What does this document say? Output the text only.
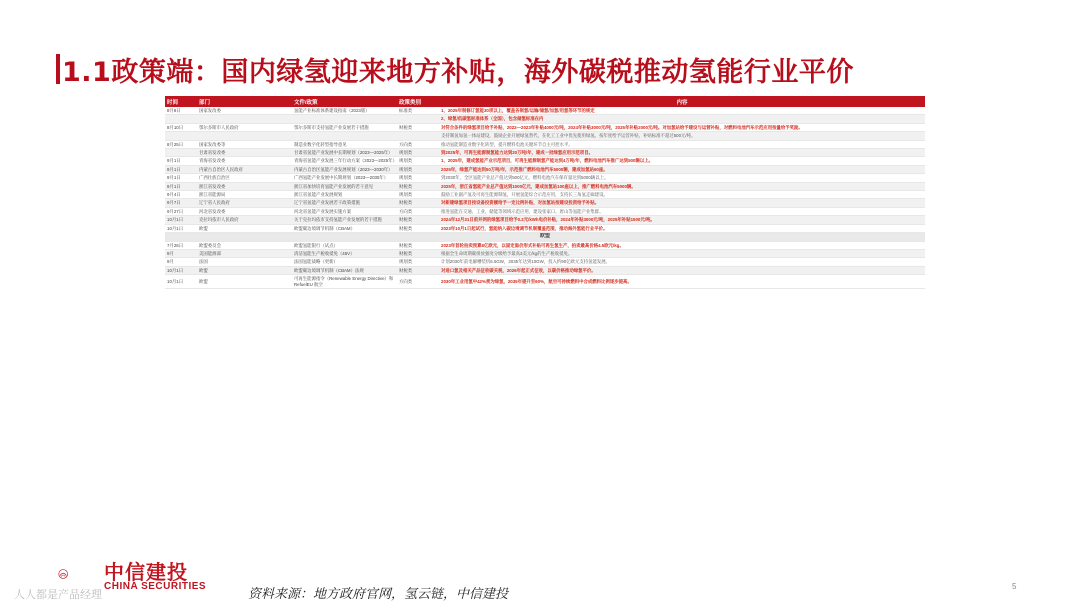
1.1政策端：国内绿氢迎来地方补贴，海外碳税推动氢能行业平价
时间	部门	文件/政策	政策类别	内容
8月8日	国家发改委	氢能产业标准体系建设指南（2023版）	标准类	1、2025年制修订氢能30项以上，覆盖各制氢/运输/储氢/加氢/用氢等环节的规定
				2、绿氢/低碳氢标准体系（全国），包含储氢标准在内
8月10日	鄂尔多斯市人民政府	鄂尔多斯市支持氢能产业发展若干措施	财税类	对符合条件的绿氢项目给予补贴，2022—2023年补贴4000元/吨，2024年补贴3000元/吨，2025年补贴2000元/吨。对加氢站给予建设与运营补贴，对燃料电池汽车示范应用按量给予奖励。
				支持制氢加氢一体站建设，鼓励企业开展绿氢替代，在化工工业中优先使用绿氢。按年度给予运营补贴，补贴标准不超过500元/吨。
8月25日	国家发改委等	制造业数字化转型指导意见	方向类	推动氢能制造业数字化转型，提升燃料电池关键环节自主可控水平。
	甘肃省发改委	甘肃省氢能产业发展中长期规划（2023—2025年）	规划类	到2025年，可再生能源制氢能力达到20万吨/年，建成一批绿氢应用示范项目。
9月1日	青海省发改委	青海省氢能产业发展三年行动方案（2023—2025年）	规划类	1、2025年，建成氢能产业示范项目，可再生能源制氢产能达到4万吨/年，燃料电池汽车推广达到500辆以上。
9月1日	内蒙古自治区人民政府	内蒙古自治区氢能产业发展规划（2023—2030年）	规划类	2025年，绿氢产能达到50万吨/年，示范推广燃料电池汽车5000辆，建成加氢站60座。
9月1日	广西壮族自治区	广西氢能产业发展中长期规划（2023—2035年）	规划类	到2030年，全区氢能产业总产值达到500亿元，燃料电池汽车保有量达到5000辆以上。
9月1日	浙江省发改委	浙江省加快培育氢能产业发展的若干意见	财税类	2025年，浙江省氢能产业总产值达到1000亿元，建成加氢站100座以上，推广燃料电池汽车5000辆。
9月4日	浙江省能源局	浙江省氢能产业发展规划	规划类	鼓励工业副产氢及可再生能源制氢，开展氢能综合示范应用，支持长三角氢走廊建设。
9月7日	辽宁省人民政府	辽宁省氢能产业发展若干政策措施	财税类	对新建绿氢项目按设备投资额给予一定比例补贴，对加氢站按建设投资给予补贴。
9月27日	河北省发改委	河北省氢能产业发展实施方案	方向类	推进氢能在交通、工业、储能等领域示范应用，建设张家口、唐山等氢能产业集群。
10月1日	克拉玛依市人民政府	关于克拉玛依市支持氢能产业发展的若干措施	财税类	2024年12月31日前并网的绿氢项目给予0.2元/kWh电价补贴，2024年补贴3000元/吨，2025年补贴1500元/吨。
10月1日	欧盟	欧盟碳边境调节机制（CBAM）	财税类	2023年10月1日起试行，氢能纳入碳边境调节机制覆盖范围，推动海外氢能行业平价。
欧盟				
7月26日	欧盟委员会	欧盟氢能银行（试点）	财税类	2023年首轮拍卖预算8亿欧元，以固定溢价形式补贴可再生氢生产，拍卖最高价格4.5欧元/kg。
9月	美国能源部	清洁氢能生产税收抵免（45V）	财税类	根据全生命周期碳排放强度分级给予最高3美元/kg的生产税收抵免。
9月	法国	法国氢能战略（更新）	规划类	计划2030年前电解槽装机6.5GW，2035年达到10GW，投入约90亿欧元支持氢能发展。
10月1日	欧盟	欧盟碳边境调节机制（CBAM）法规	财税类	对进口氢及相关产品征收碳关税，2026年起正式征收，以碳价格推动绿氢平价。
10月1日	欧盟	可再生能源指令（Renewable Energy Directive）和 RefuelEU 航空	方向类	2030年工业用氢中42%须为绿氢，2035年提升至60%，航空可持续燃料中合成燃料比例逐步提高。
中信建投
CHINA SECURITIES
资料来源：地方政府官网，氢云链，中信建投
5
人人都是产品经理
